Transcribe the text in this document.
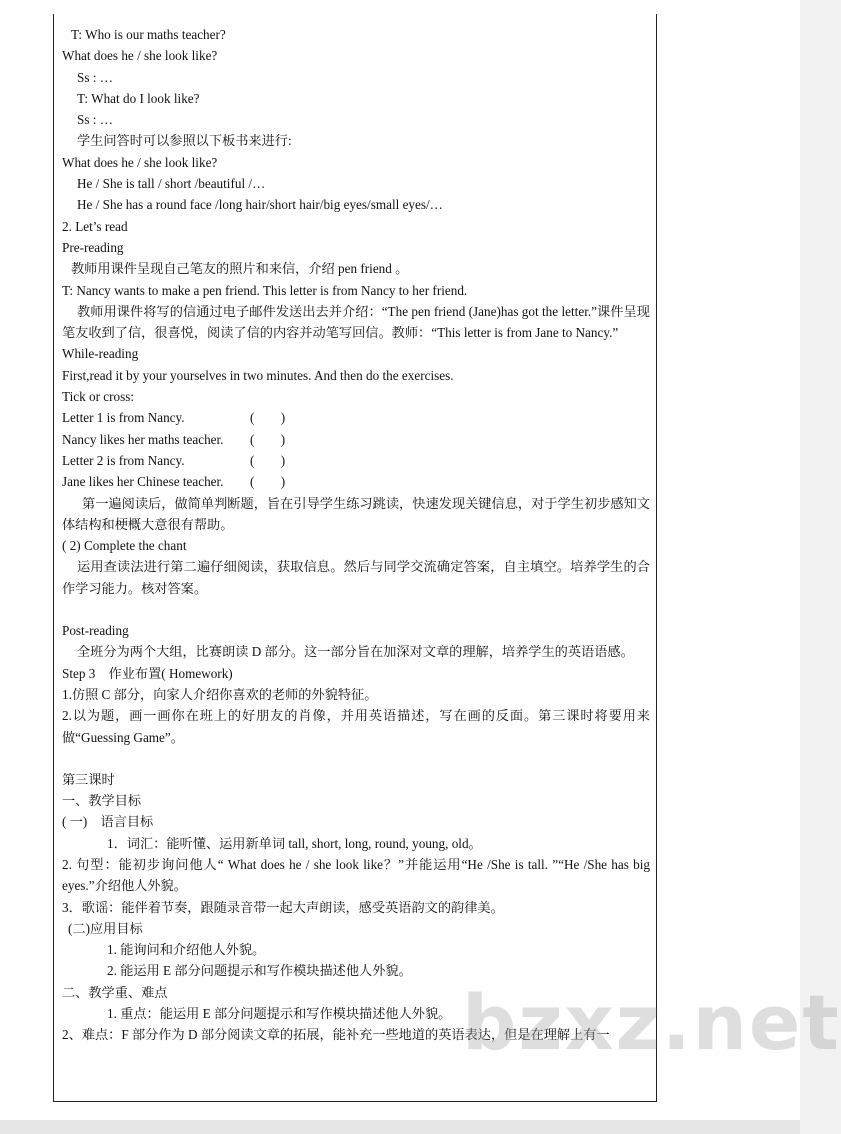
T: Who is our maths teacher?
What does he / she look like?
Ss : …
T: What do I look like?
Ss : …
学生问答时可以参照以下板书来进行:
What does he / she look like?
He / She is tall / short /beautiful /…
He / She has a round face /long hair/short hair/big eyes/small eyes/…
2. Let’s read
Pre-reading
教师用课件呈现自己笔友的照片和来信，介绍 pen friend 。
T: Nancy wants to make a pen friend. This letter is from Nancy to her friend.
教师用课件将写的信通过电子邮件发送出去并介绍：“The pen friend (Jane)has got the letter.”课件呈现笔友收到了信，很喜悦，阅读了信的内容并动笔写回信。教师：“This letter is from Jane to Nancy.”
While-reading
First,read it by your yourselves in two minutes. And then do the exercises.
Tick or cross:
Letter 1 is from Nancy.	(　　)
Nancy likes her maths teacher.	(　　)
Letter 2 is from Nancy.	(　　)
Jane likes her Chinese teacher.	(　　)
第一遍阅读后，做简单判断题，旨在引导学生练习跳读，快速发现关键信息，对于学生初步感知文体结构和梗概大意很有帮助。
( 2) Complete the chant
运用查读法进行第二遍仔细阅读，获取信息。然后与同学交流确定答案，自主填空。培养学生的合作学习能力。核对答案。
Post-reading
全班分为两个大组，比赛朗读 D 部分。这一部分旨在加深对文章的理解，培养学生的英语语感。
Step 3　作业布置( Homework)
1.仿照 C 部分，向家人介绍你喜欢的老师的外貌特征。
2.以为题，画一画你在班上的好朋友的肖像，并用英语描述，写在画的反面。第三课时将要用来做“Guessing Game”。
第三课时
一、教学目标
( 一)　语言目标
1．词汇：能听懂、运用新单词 tall, short, long, round, young, old。
2. 句型：能初步询问他人“ What does he / she look like？”并能运用“He /She is tall. ”“He /She has big eyes.”介绍他人外貌。
3．歌谣：能伴着节奏，跟随录音带一起大声朗读，感受英语韵文的韵律美。
(二)应用目标
1. 能询问和介绍他人外貌。
2. 能运用 E 部分问题提示和写作模块描述他人外貌。
二、教学重、难点
1. 重点：能运用 E 部分问题提示和写作模块描述他人外貌。
2、难点：F 部分作为 D 部分阅读文章的拓展，能补充一些地道的英语表达，但是在理解上有一
bzxz.net
